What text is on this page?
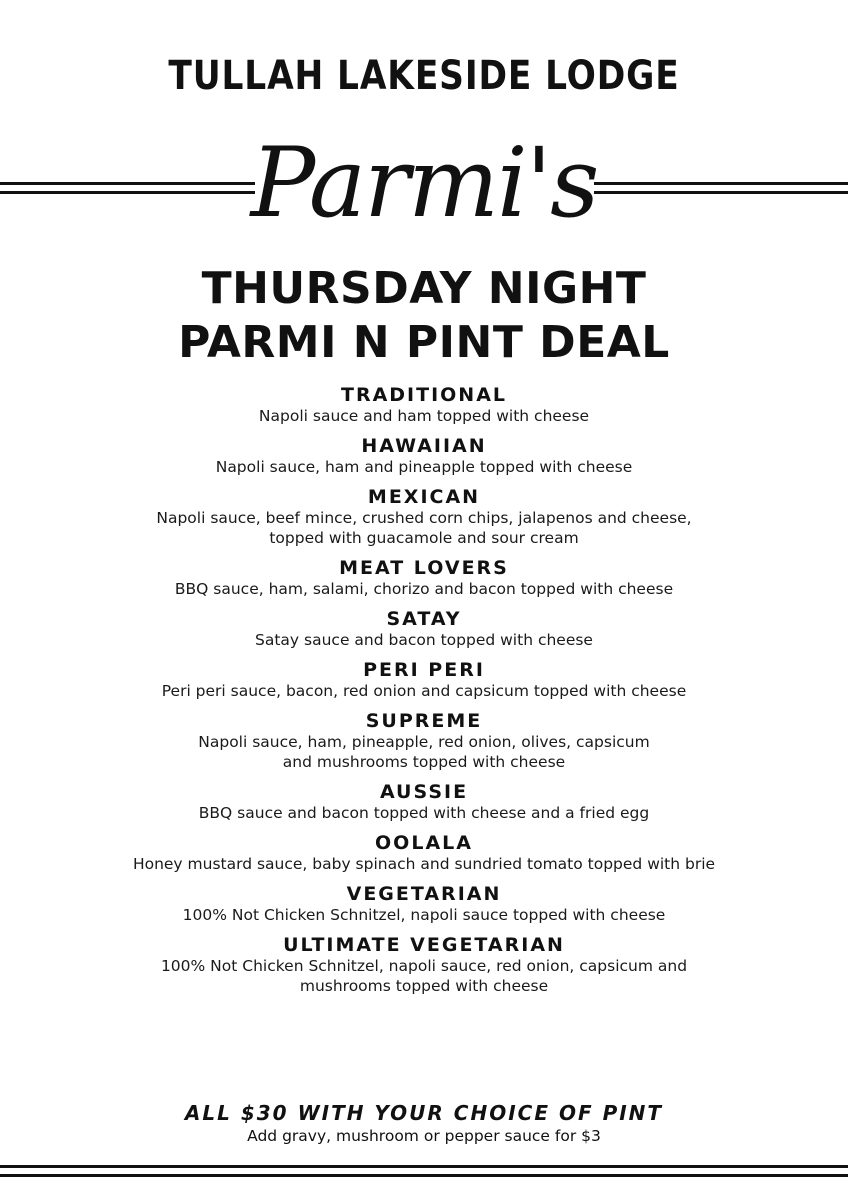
TULLAH LAKESIDE LODGE
Parmi's
THURSDAY NIGHT
PARMI N PINT DEAL
TRADITIONAL
Napoli sauce and ham topped with cheese
HAWAIIAN
Napoli sauce, ham and pineapple topped with cheese
MEXICAN
Napoli sauce, beef mince, crushed corn chips, jalapenos and cheese,
topped with guacamole and sour cream
MEAT LOVERS
BBQ sauce, ham, salami, chorizo and bacon topped with cheese
SATAY
Satay sauce and bacon topped with cheese
PERI PERI
Peri peri sauce, bacon, red onion and capsicum topped with cheese
SUPREME
Napoli sauce, ham, pineapple, red onion, olives, capsicum
and mushrooms topped with cheese
AUSSIE
BBQ sauce and bacon topped with cheese and a fried egg
OOLALA
Honey mustard sauce, baby spinach and sundried tomato topped with brie
VEGETARIAN
100% Not Chicken Schnitzel, napoli sauce topped with cheese
ULTIMATE VEGETARIAN
100% Not Chicken Schnitzel, napoli sauce, red onion, capsicum and
mushrooms topped with cheese
ALL $30 WITH YOUR CHOICE OF PINT
Add gravy, mushroom or pepper sauce for $3
